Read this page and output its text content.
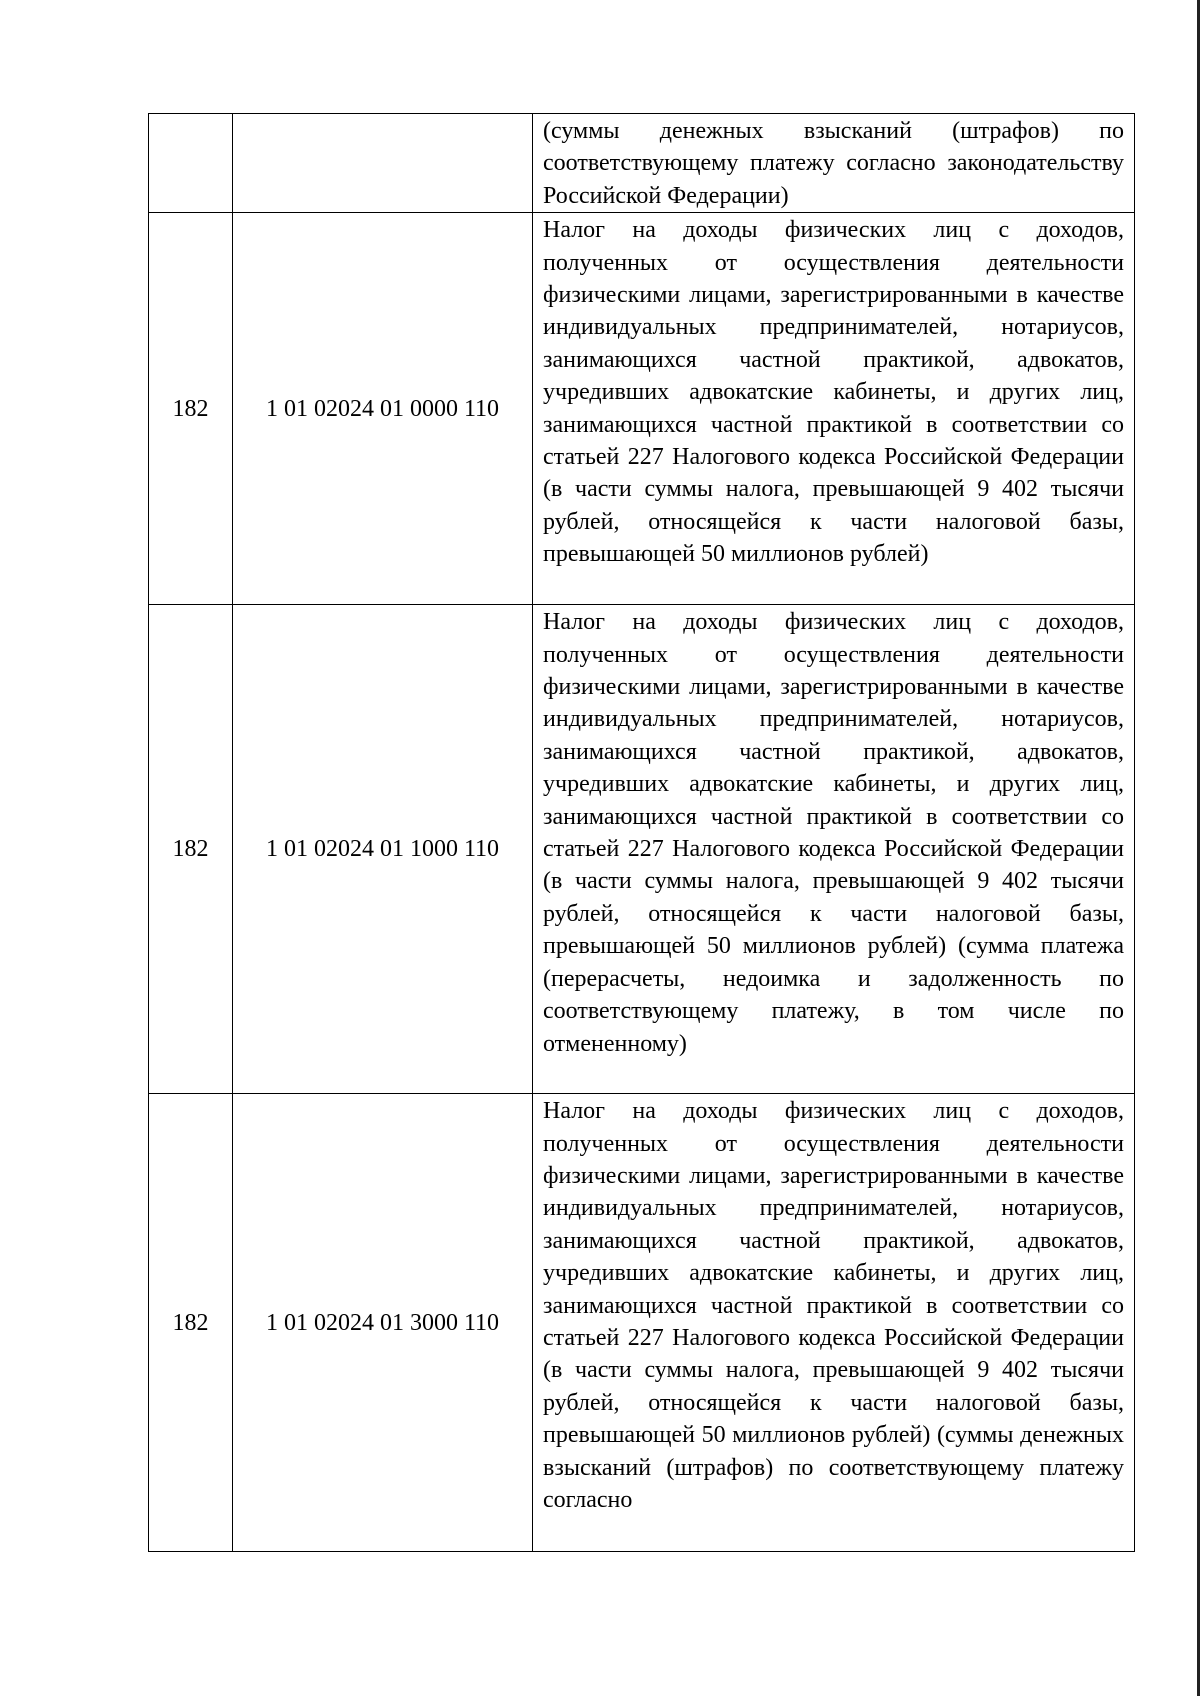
		(суммы денежных взысканий (штрафов) по соответствующему платежу согласно законодательству Российской Федерации)
182	1 01 02024 01 0000 110	Налог на доходы физических лиц с доходов, полученных от осуществления деятельности физическими лицами, зарегистрированными в качестве индивидуальных предпринимателей, нотариусов, занимающихся частной практикой, адвокатов, учредивших адвокатские кабинеты, и других лиц, занимающихся частной практикой в соответствии со статьей 227 Налогового кодекса Российской Федерации (в части суммы налога, превышающей 9 402 тысячи рублей, относящейся к части налоговой базы, превышающей 50 миллионов рублей)
182	1 01 02024 01 1000 110	Налог на доходы физических лиц с доходов, полученных от осуществления деятельности физическими лицами, зарегистрированными в качестве индивидуальных предпринимателей, нотариусов, занимающихся частной практикой, адвокатов, учредивших адвокатские кабинеты, и других лиц, занимающихся частной практикой в соответствии со статьей 227 Налогового кодекса Российской Федерации (в части суммы налога, превышающей 9 402 тысячи рублей, относящейся к части налоговой базы, превышающей 50 миллионов рублей) (сумма платежа (перерасчеты, недоимка и задолженность по соответствующему платежу, в том числе по отмененному)
182	1 01 02024 01 3000 110	Налог на доходы физических лиц с доходов, полученных от осуществления деятельности физическими лицами, зарегистрированными в качестве индивидуальных предпринимателей, нотариусов, занимающихся частной практикой, адвокатов, учредивших адвокатские кабинеты, и других лиц, занимающихся частной практикой в соответствии со статьей 227 Налогового кодекса Российской Федерации (в части суммы налога, превышающей 9 402 тысячи рублей, относящейся к части налоговой базы, превышающей 50 миллионов рублей) (суммы денежных взысканий (штрафов) по соответствующему платежу согласно
